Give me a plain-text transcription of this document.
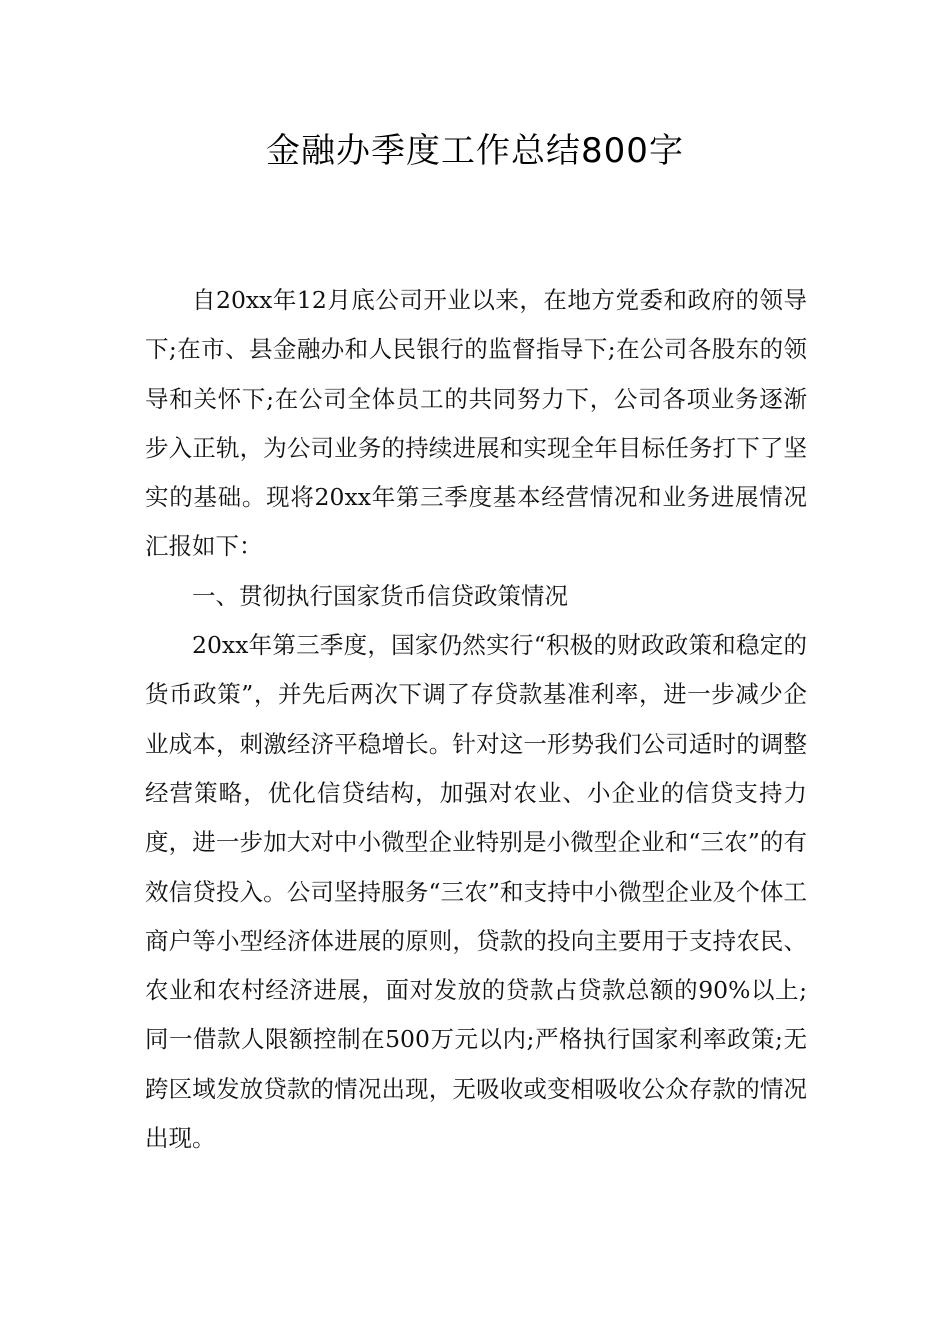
金融办季度工作总结800字

自20xx年12月底公司开业以来，在地方党委和政府的领导下;在市、县金融办和人民银行的监督指导下;在公司各股东的领导和关怀下;在公司全体员工的共同努力下，公司各项业务逐渐步入正轨，为公司业务的持续进展和实现全年目标任务打下了坚实的基础。现将20xx年第三季度基本经营情况和业务进展情况汇报如下：

一、贯彻执行国家货币信贷政策情况

20xx年第三季度，国家仍然实行“积极的财政政策和稳定的货币政策”，并先后两次下调了存贷款基准利率，进一步减少企业成本，刺激经济平稳增长。针对这一形势我们公司适时的调整经营策略，优化信贷结构，加强对农业、小企业的信贷支持力度，进一步加大对中小微型企业特别是小微型企业和“三农”的有效信贷投入。公司坚持服务“三农”和支持中小微型企业及个体工商户等小型经济体进展的原则，贷款的投向主要用于支持农民、农业和农村经济进展，面对发放的贷款占贷款总额的90%以上;同一借款人限额控制在500万元以内;严格执行国家利率政策;无跨区域发放贷款的情况出现，无吸收或变相吸收公众存款的情况出现。
